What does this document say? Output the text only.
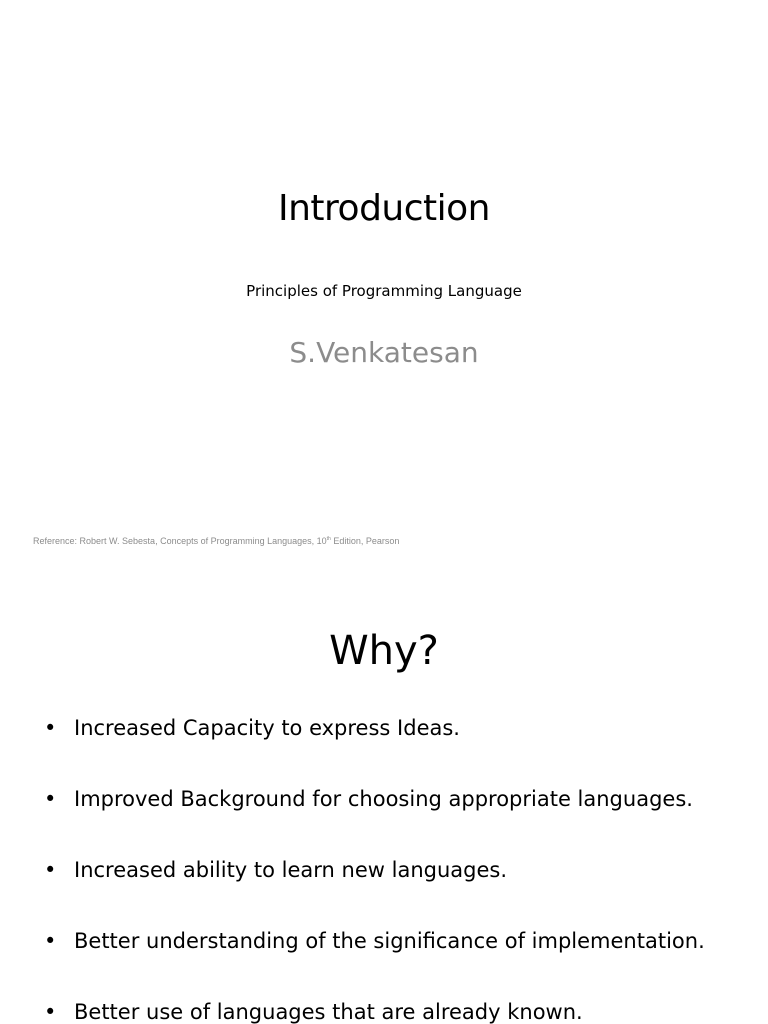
Introduction
Principles of Programming Language
S.Venkatesan
Reference: Robert W. Sebesta, Concepts of Programming Languages, 10th Edition, Pearson
Why?
• Increased Capacity to express Ideas.
• Improved Background for choosing appropriate languages.
• Increased ability to learn new languages.
• Better understanding of the significance of implementation.
• Better use of languages that are already known.
